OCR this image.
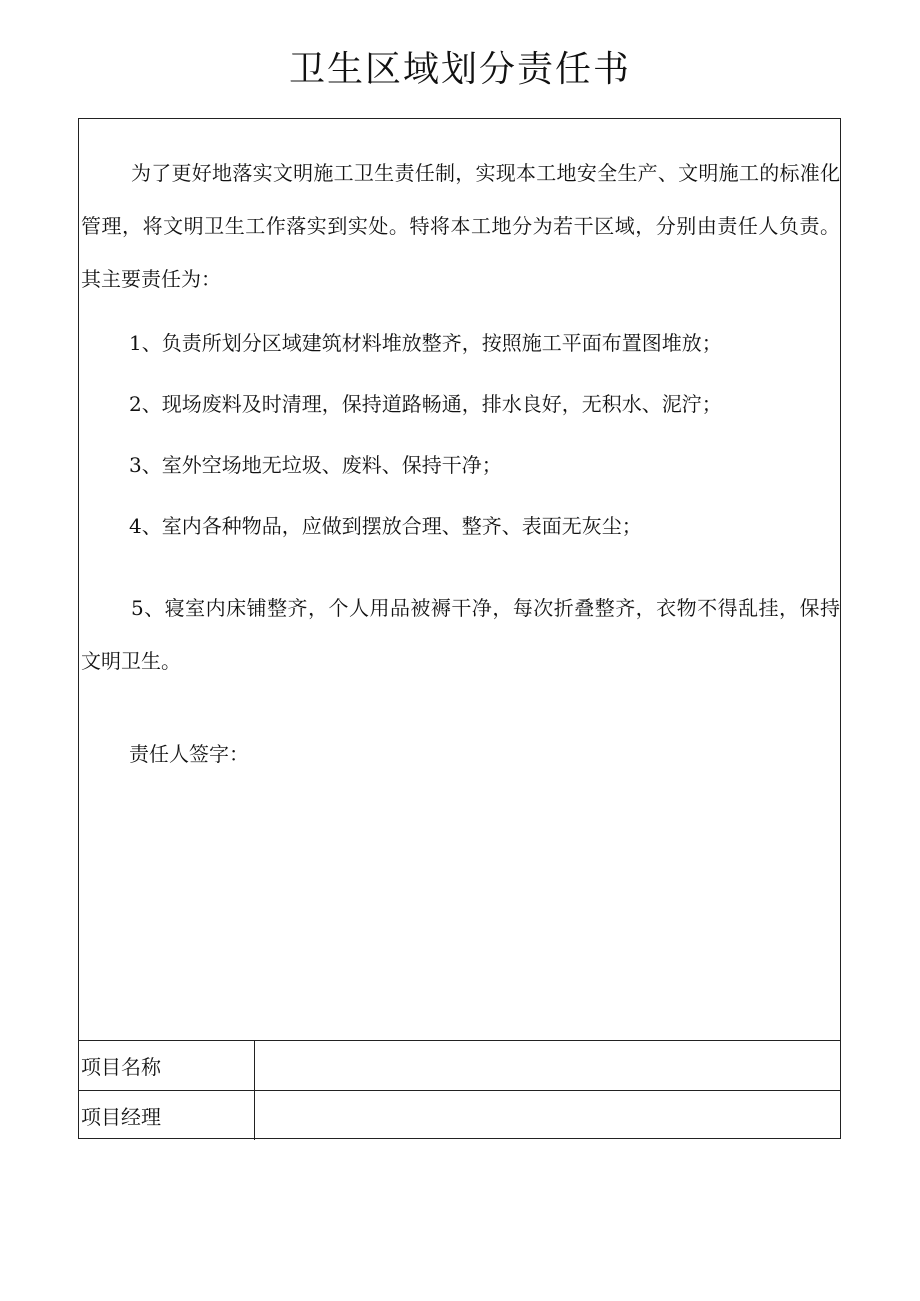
卫生区域划分责任书

为了更好地落实文明施工卫生责任制，实现本工地安全生产、文明施工的标准化管理，将文明卫生工作落实到实处。特将本工地分为若干区域，分别由责任人负责。其主要责任为：

1、负责所划分区域建筑材料堆放整齐，按照施工平面布置图堆放；
2、现场废料及时清理，保持道路畅通，排水良好，无积水、泥泞；
3、室外空场地无垃圾、废料、保持干净；
4、室内各种物品，应做到摆放合理、整齐、表面无灰尘；

5、寝室内床铺整齐，个人用品被褥干净，每次折叠整齐，衣物不得乱挂，保持文明卫生。

责任人签字：
项目名称	
项目经理	
